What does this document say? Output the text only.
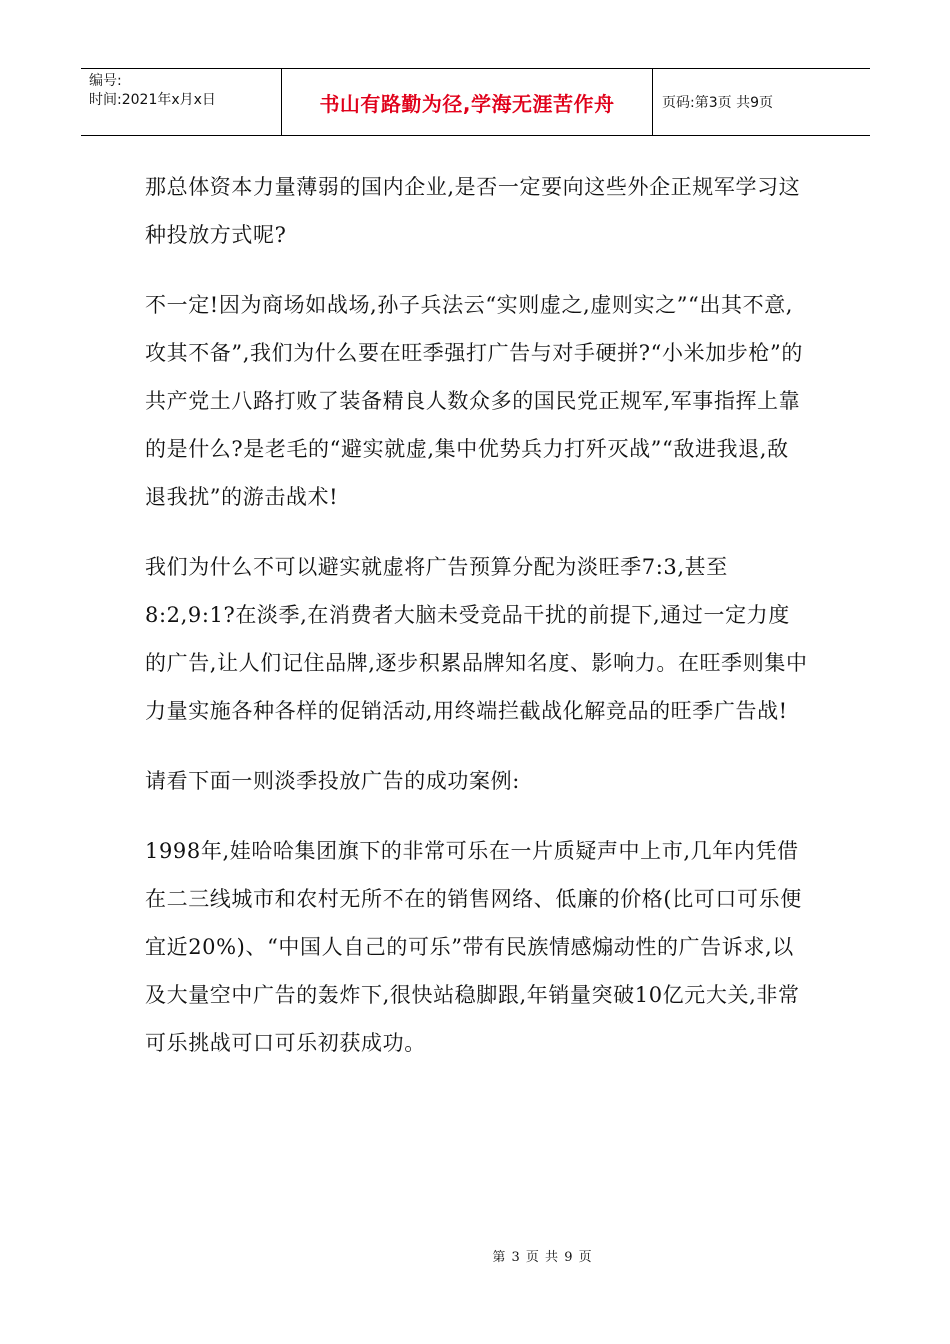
编号:
时间:2021年x月x日	书山有路勤为径,学海无涯苦作舟	页码:第3页 共9页

那总体资本力量薄弱的国内企业,是否一定要向这些外企正规军学习这种投放方式呢?

不一定!因为商场如战场,孙子兵法云“实则虚之,虚则实之”“出其不意,攻其不备”,我们为什么要在旺季强打广告与对手硬拼?“小米加步枪”的共产党土八路打败了装备精良人数众多的国民党正规军,军事指挥上靠的是什么?是老毛的“避实就虚,集中优势兵力打歼灭战”“敌进我退,敌退我扰”的游击战术!

我们为什么不可以避实就虚将广告预算分配为淡旺季7:3,甚至8:2,9:1?在淡季,在消费者大脑未受竞品干扰的前提下,通过一定力度的广告,让人们记住品牌,逐步积累品牌知名度、影响力。在旺季则集中力量实施各种各样的促销活动,用终端拦截战化解竞品的旺季广告战!

请看下面一则淡季投放广告的成功案例:

1998年,娃哈哈集团旗下的非常可乐在一片质疑声中上市,几年内凭借在二三线城市和农村无所不在的销售网络、低廉的价格(比可口可乐便宜近20%)、“中国人自己的可乐”带有民族情感煽动性的广告诉求,以及大量空中广告的轰炸下,很快站稳脚跟,年销量突破10亿元大关,非常可乐挑战可口可乐初获成功。

第 3 页 共 9 页
